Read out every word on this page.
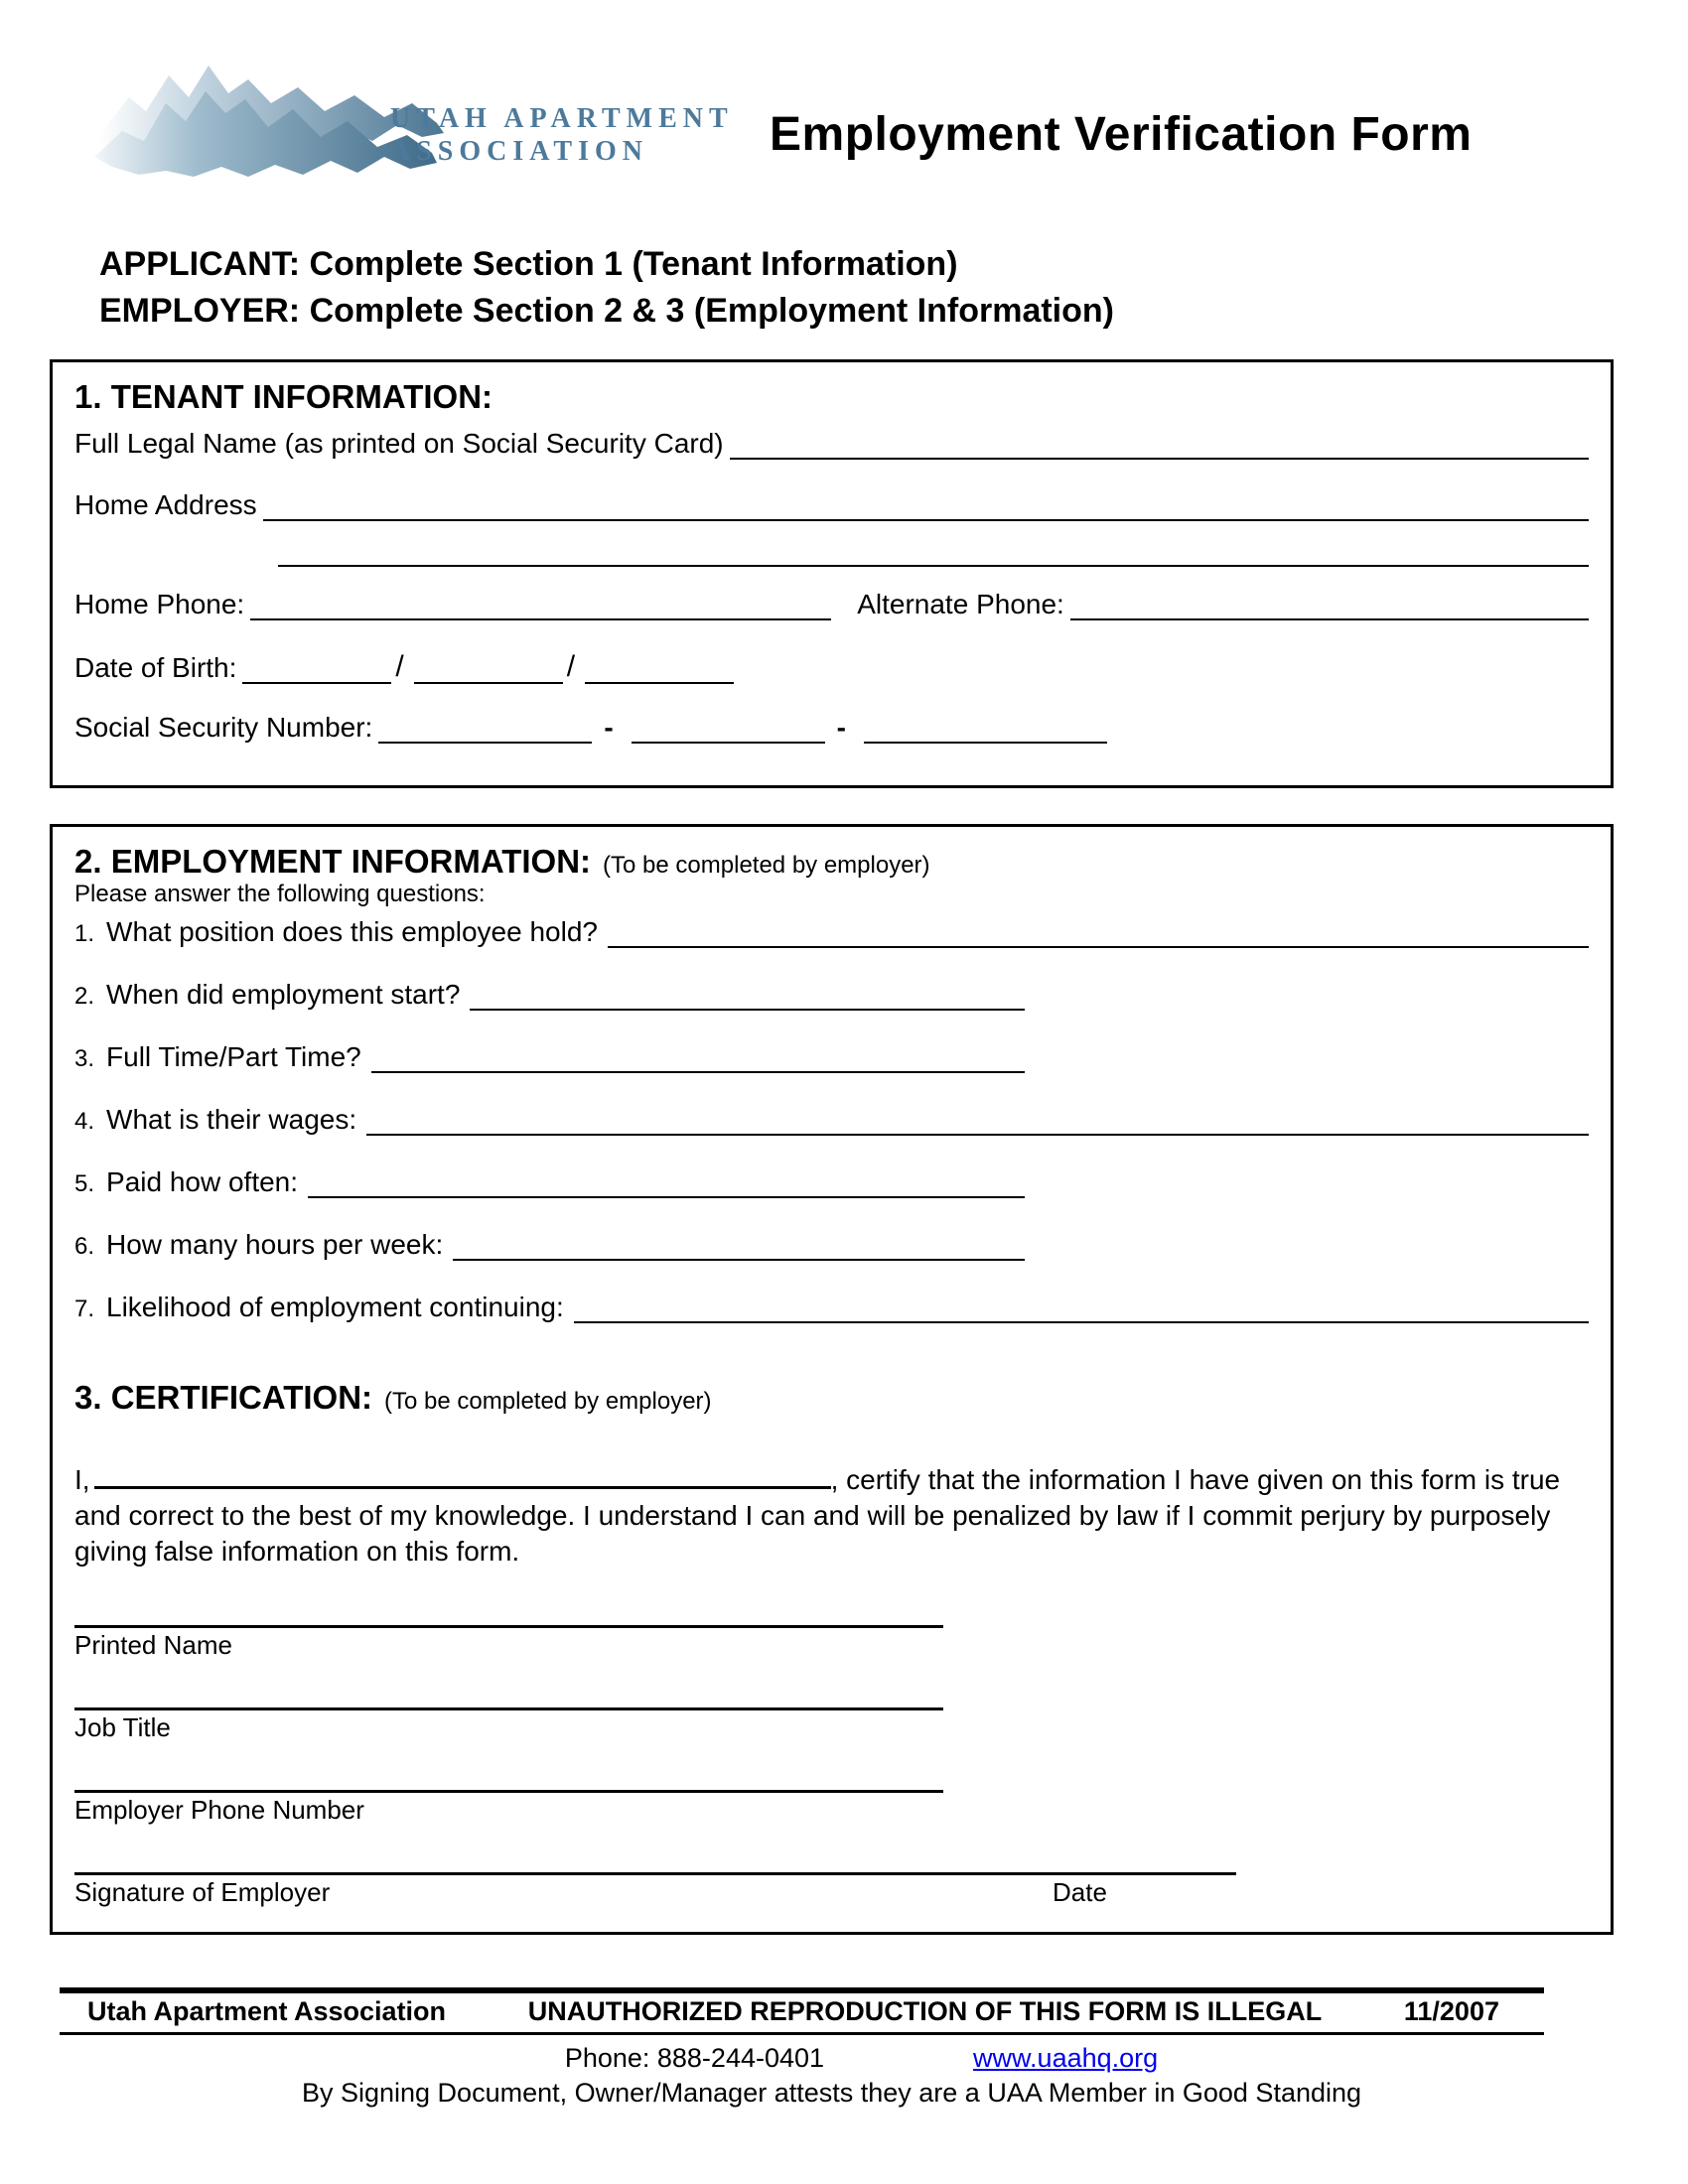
UTAH APARTMENT
ASSOCIATION	Employment Verification Form
APPLICANT: Complete Section 1 (Tenant Information)
EMPLOYER: Complete Section 2 & 3 (Employment Information)
1. TENANT INFORMATION:
Full Legal Name (as printed on Social Security Card)
Home Address
Home Phone:	Alternate Phone:
Date of Birth:	/	/
Social Security Number:	-	-
2. EMPLOYMENT INFORMATION: (To be completed by employer)
Please answer the following questions:
1. What position does this employee hold?
2. When did employment start?
3. Full Time/Part Time?
4. What is their wages:
5. Paid how often:
6. How many hours per week:
7. Likelihood of employment continuing:
3. CERTIFICATION: (To be completed by employer)
I,	, certify that the information I have given on this form is true and correct to the best of my knowledge. I understand I can and will be penalized by law if I commit perjury by purposely giving false information on this form.
Printed Name
Job Title
Employer Phone Number
Signature of Employer	Date
Utah Apartment Association	UNAUTHORIZED REPRODUCTION OF THIS FORM IS ILLEGAL	11/2007
Phone: 888-244-0401	www.uaahq.org
By Signing Document, Owner/Manager attests they are a UAA Member in Good Standing
